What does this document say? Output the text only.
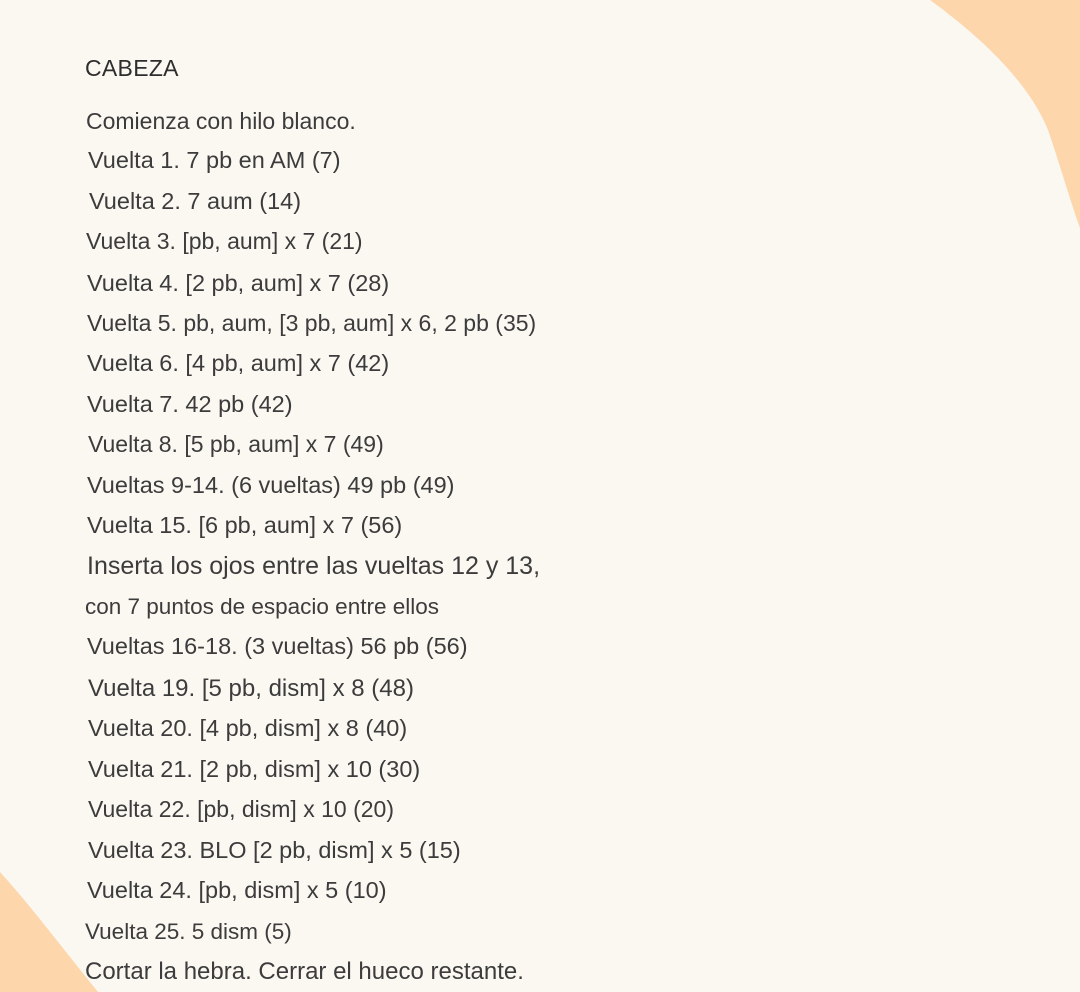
CABEZA

Comienza con hilo blanco.

Vuelta 1. 7 pb en AM (7)

Vuelta 2. 7 aum (14)

Vuelta 3. [pb, aum] x 7 (21)

Vuelta 4. [2 pb, aum] x 7 (28)

Vuelta 5. pb, aum, [3 pb, aum] x 6, 2 pb (35)

Vuelta 6. [4 pb, aum] x 7 (42)

Vuelta 7. 42 pb (42)

Vuelta 8. [5 pb, aum] x 7 (49)

Vueltas 9-14. (6 vueltas) 49 pb (49)

Vuelta 15. [6 pb, aum] x 7 (56)

Inserta los ojos entre las vueltas 12 y 13,

con 7 puntos de espacio entre ellos

Vueltas 16-18. (3 vueltas) 56 pb (56)

Vuelta 19. [5 pb, dism] x 8 (48)

Vuelta 20. [4 pb, dism] x 8 (40)

Vuelta 21. [2 pb, dism] x 10 (30)

Vuelta 22. [pb, dism] x 10 (20)

Vuelta 23. BLO [2 pb, dism] x 5 (15)

Vuelta 24. [pb, dism] x 5 (10)

Vuelta 25. 5 dism (5)

Cortar la hebra. Cerrar el hueco restante.
